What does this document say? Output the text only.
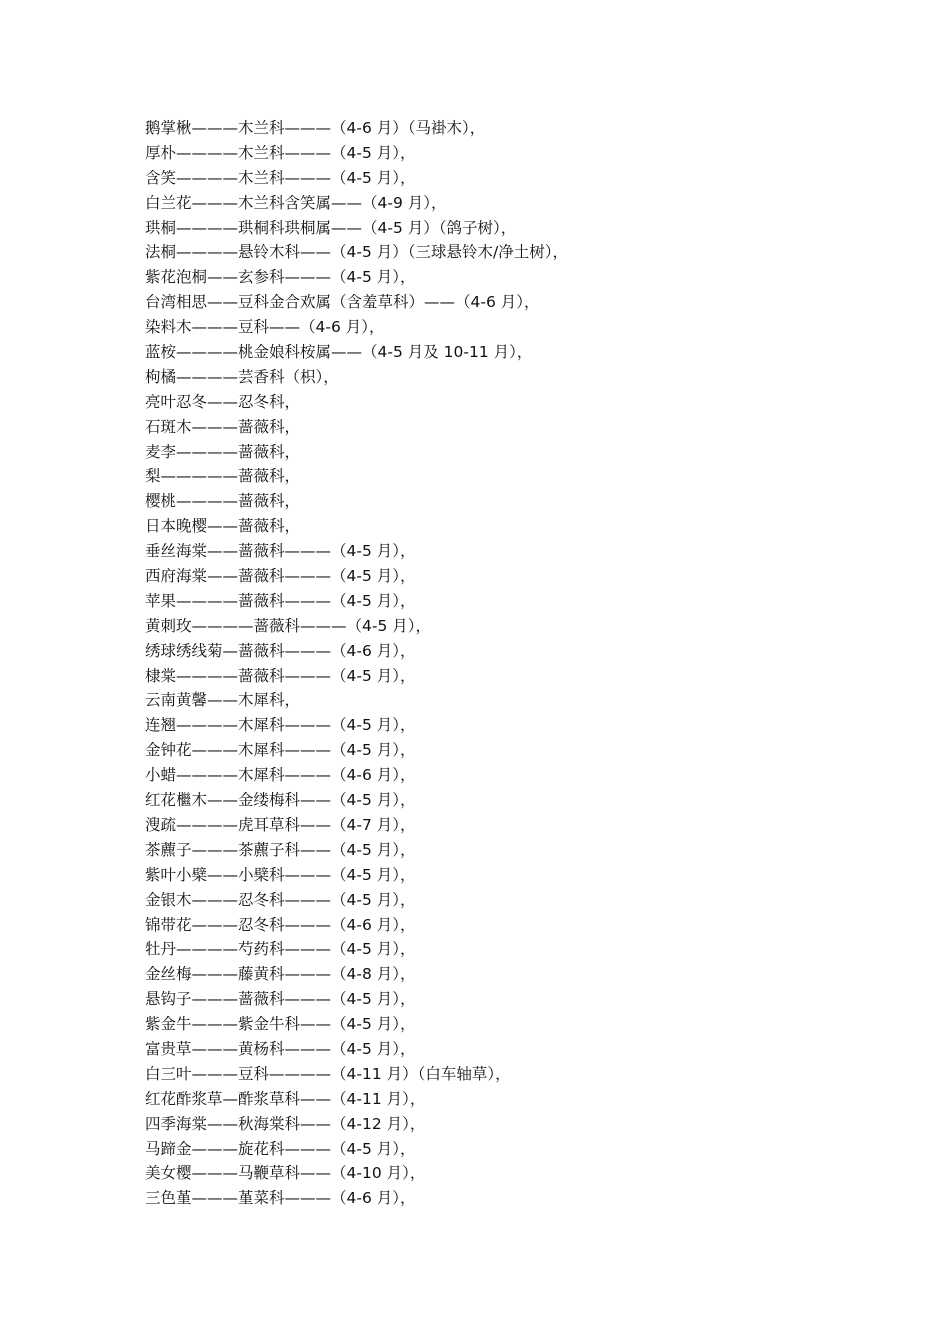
鹅掌楸———木兰科———（4-6 月）（马褂木），
厚朴————木兰科———（4-5 月），
含笑————木兰科———（4-5 月），
白兰花———木兰科含笑属——（4-9 月），
珙桐————珙桐科珙桐属——（4-5 月）（鸽子树），
法桐————悬铃木科——（4-5 月）（三球悬铃木/净土树），
紫花泡桐——玄参科———（4-5 月），
台湾相思——豆科金合欢属（含羞草科）——（4-6 月），
染料木———豆科——（4-6 月），
蓝桉————桃金娘科桉属——（4-5 月及 10-11 月），
枸橘————芸香科（枳），
亮叶忍冬——忍冬科，
石斑木———蔷薇科，
麦李————蔷薇科，
梨—————蔷薇科，
樱桃————蔷薇科，
日本晚樱——蔷薇科，
垂丝海棠——蔷薇科———（4-5 月），
西府海棠——蔷薇科———（4-5 月），
苹果————蔷薇科———（4-5 月），
黄刺玫————蔷薇科———（4-5 月），
绣球绣线菊—蔷薇科———（4-6 月），
棣棠————蔷薇科———（4-5 月），
云南黄馨——木犀科，
连翘————木犀科———（4-5 月），
金钟花———木犀科———（4-5 月），
小蜡————木犀科———（4-6 月），
红花檵木——金缕梅科——（4-5 月），
溲疏————虎耳草科——（4-7 月），
茶藨子———茶藨子科——（4-5 月），
紫叶小檗——小檗科———（4-5 月），
金银木———忍冬科———（4-5 月），
锦带花———忍冬科———（4-6 月），
牡丹————芍药科———（4-5 月），
金丝梅———藤黄科———（4-8 月），
悬钩子———蔷薇科———（4-5 月），
紫金牛———紫金牛科——（4-5 月），
富贵草———黄杨科———（4-5 月），
白三叶———豆科————（4-11 月）（白车轴草），
红花酢浆草—酢浆草科——（4-11 月），
四季海棠——秋海棠科——（4-12 月），
马蹄金———旋花科———（4-5 月），
美女樱———马鞭草科——（4-10 月），
三色堇———堇菜科———（4-6 月），
